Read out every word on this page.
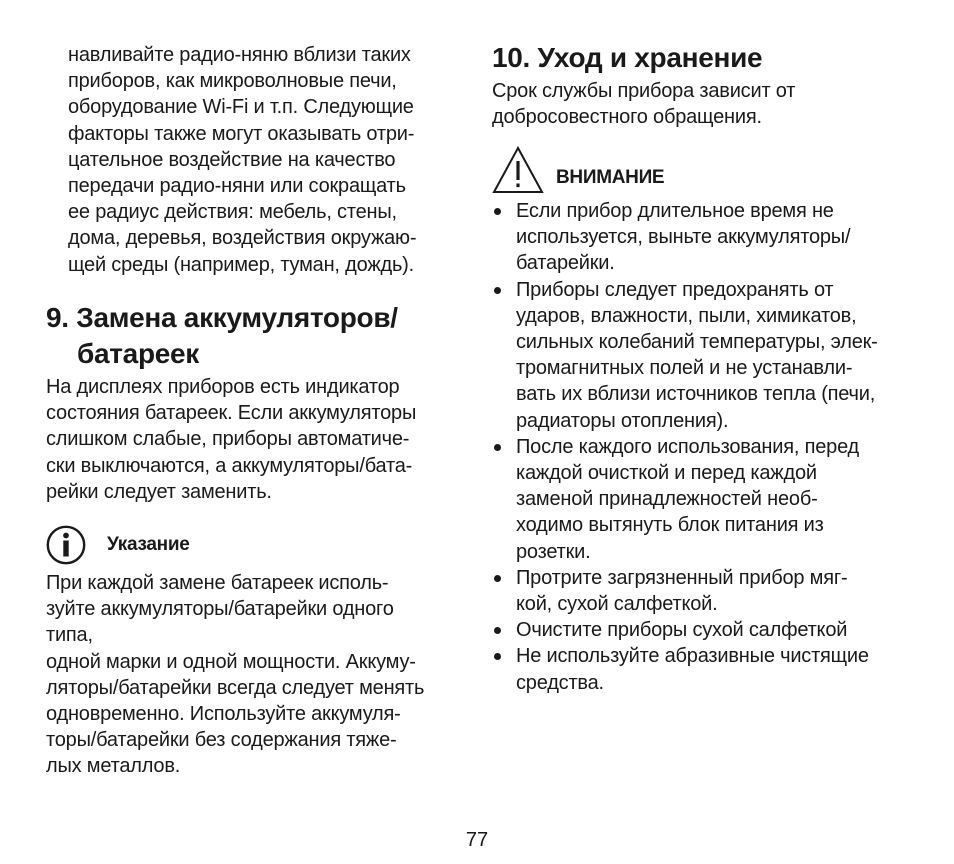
навливайте радио-няню вблизи таких
приборов, как микроволновые печи,
оборудование Wi-Fi и т.п. Следующие
факторы также могут оказывать отри-
цательное воздействие на качество
передачи радио-няни или сокращать
ее радиус действия: мебель, стены,
дома, деревья, воздействия окружаю-
щей среды (например, туман, дождь).

9. Замена аккумуляторов/
батареек

На дисплеях приборов есть индикатор
состояния батареек. Если аккумуляторы
слишком слабые, приборы автоматиче-
ски выключаются, а аккумуляторы/бата-
рейки следует заменить.

Указание

При каждой замене батареек исполь-
зуйте аккумуляторы/батарейки одного
типа,
одной марки и одной мощности. Аккуму-
ляторы/батарейки всегда следует менять
одновременно. Используйте аккумуля-
торы/батарейки без содержания тяже-
лых металлов.

10. Уход и хранение

Срок службы прибора зависит от
добросовестного обращения.

ВНИМАНИЕ
Если прибор длительное время не
используется, выньте аккумуляторы/
батарейки.
Приборы следует предохранять от
ударов, влажности, пыли, химикатов,
сильных колебаний температуры, элек-
тромагнитных полей и не устанавли-
вать их вблизи источников тепла (печи,
радиаторы отопления).
После каждого использования, перед
каждой очисткой и перед каждой
заменой принадлежностей необ-
ходимо вытянуть блок питания из
розетки.
Протрите загрязненный прибор мяг-
кой, сухой салфеткой.
Очистите приборы сухой салфеткой
Не используйте абразивные чистящие
средства.
77
